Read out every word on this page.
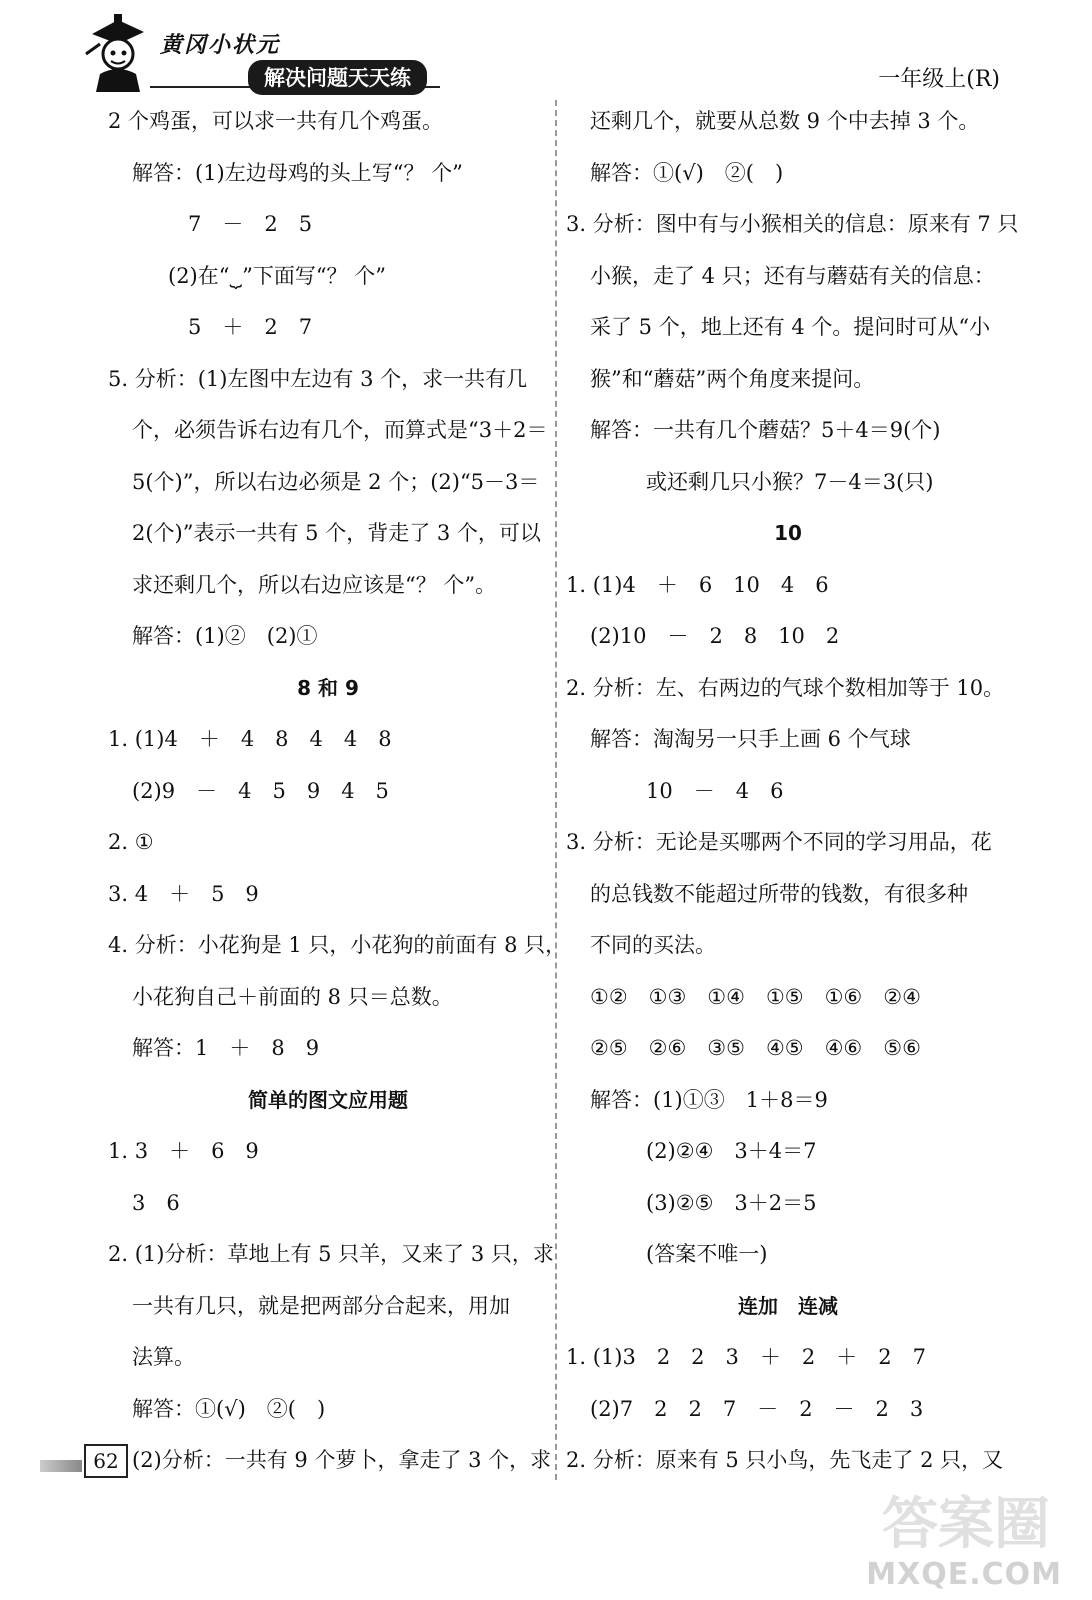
黄冈小状元
解决问题天天练	一年级上(R)
2 个鸡蛋，可以求一共有几个鸡蛋。
解答：(1)左边母鸡的头上写“？ 个”
7　－　2　5
(2)在“⏟”下面写“？ 个”
5　＋　2　7
5. 分析：(1)左图中左边有 3 个，求一共有几
个，必须告诉右边有几个，而算式是“3＋2＝
5(个)”，所以右边必须是 2 个；(2)“5－3＝
2(个)”表示一共有 5 个，背走了 3 个，可以
求还剩几个，所以右边应该是“？ 个”。
解答：(1)②　(2)①
8 和 9
1. (1)4　＋　4　8　4　4　8
(2)9　－　4　5　9　4　5
2. ①
3. 4　＋　5　9
4. 分析：小花狗是 1 只，小花狗的前面有 8 只，
小花狗自己＋前面的 8 只＝总数。
解答：1　＋　8　9
简单的图文应用题
1. 3　＋　6　9
3　6
2. (1)分析：草地上有 5 只羊，又来了 3 只，求
一共有几只，就是把两部分合起来，用加
法算。
解答：①(√)　②(　)
(2)分析：一共有 9 个萝卜，拿走了 3 个，求
还剩几个，就要从总数 9 个中去掉 3 个。
解答：①(√)　②(　)
3. 分析：图中有与小猴相关的信息：原来有 7 只
小猴，走了 4 只；还有与蘑菇有关的信息：
采了 5 个，地上还有 4 个。提问时可从“小
猴”和“蘑菇”两个角度来提问。
解答：一共有几个蘑菇？5＋4＝9(个)
或还剩几只小猴？7－4＝3(只)
10
1. (1)4　＋　6　10　4　6
(2)10　－　2　8　10　2
2. 分析：左、右两边的气球个数相加等于 10。
解答：淘淘另一只手上画 6 个气球
10　－　4　6
3. 分析：无论是买哪两个不同的学习用品，花
的总钱数不能超过所带的钱数，有很多种
不同的买法。
①②　①③　①④　①⑤　①⑥　②④
②⑤　②⑥　③⑤　④⑤　④⑥　⑤⑥
解答：(1)①③　1＋8＝9
(2)②④　3＋4＝7
(3)②⑤　3＋2＝5
(答案不唯一)
连加　连减
1. (1)3　2　2　3　＋　2　＋　2　7
(2)7　2　2　7　－　2　－　2　3
2. 分析：原来有 5 只小鸟，先飞走了 2 只，又
62
答案圈
MXQE.COM
